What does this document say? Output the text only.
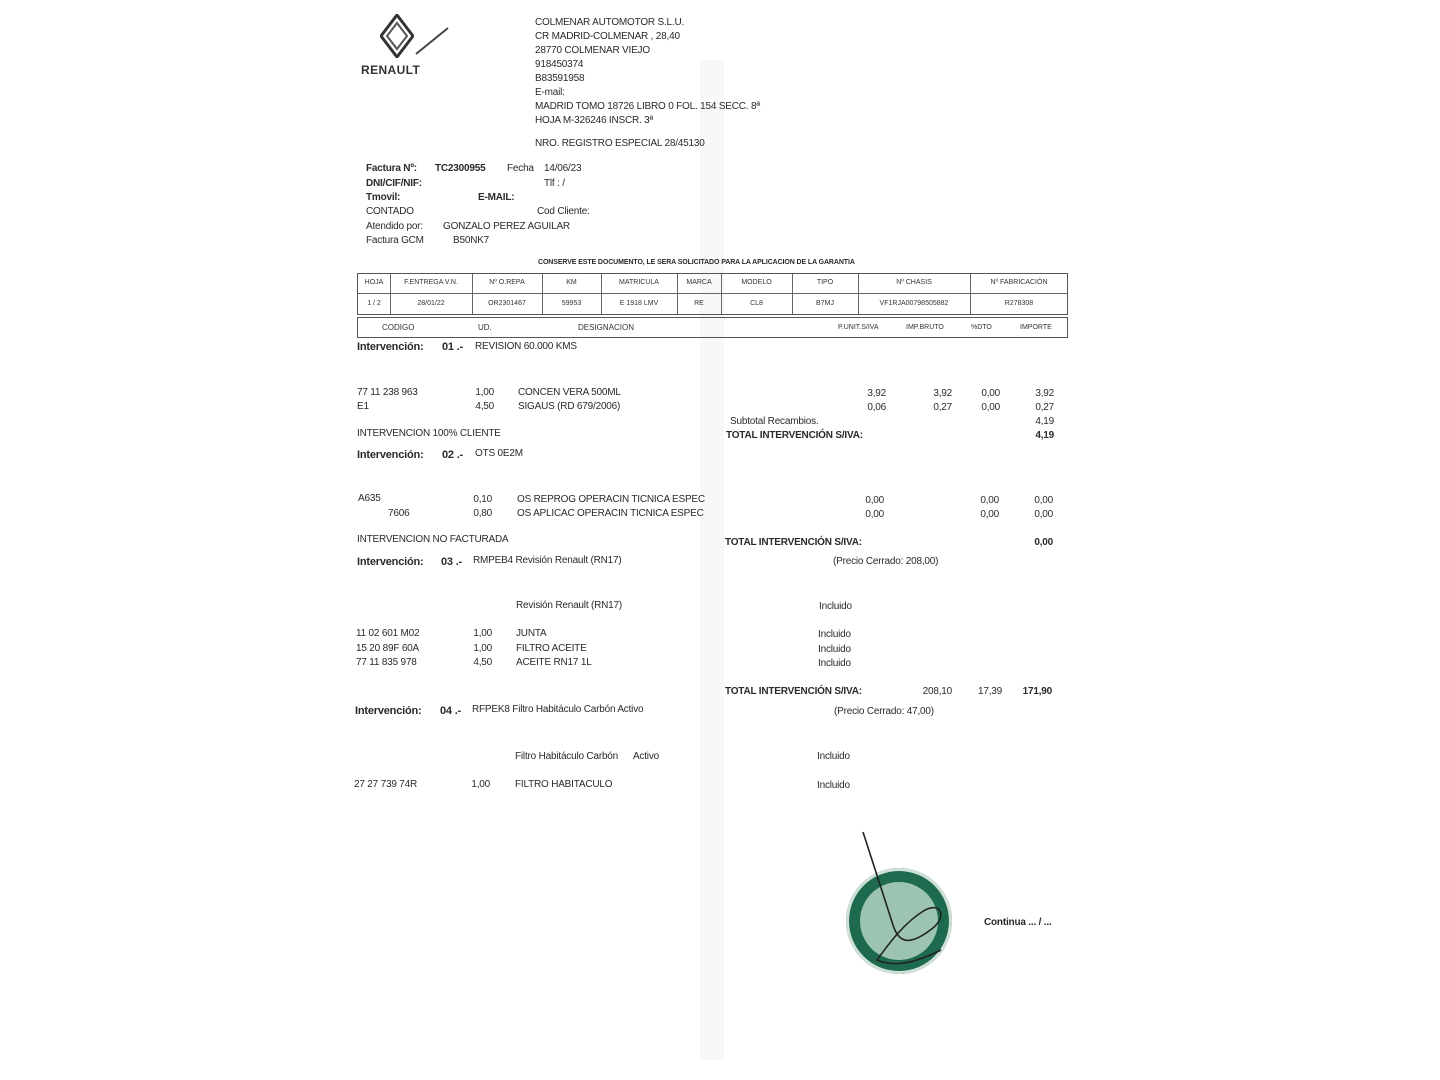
RENAULT
COLMENAR AUTOMOTOR S.L.U.
CR MADRID-COLMENAR , 28,40
28770 COLMENAR VIEJO
918450374
B83591958
E-mail:
MADRID TOMO 18726 LIBRO 0 FOL. 154 SECC. 8ª
HOJA M-326246 INSCR. 3ª
NRO. REGISTRO ESPECIAL 28/45130
Factura Nº: TC2300955 Fecha 14/06/23
DNI/CIF/NIF:	Tlf : /
Tmovil:	E-MAIL:
CONTADO	Cod Cliente:
Atendido por: GONZALO PEREZ AGUILAR
Factura GCM	B50NK7
CONSERVE ESTE DOCUMENTO, LE SERA SOLICITADO PARA LA APLICACION DE LA GARANTIA
HOJA	F.ENTREGA V.N.	Nº O.REPA	KM	MATRICULA	MARCA	MODELO	TIPO	Nº CHASIS	Nº FABRICACIÓN
1 / 2	28/01/22	OR2301467	59953	E 1918 LMV	RE	CL8	B7MJ	VF1RJA00798505882	R278308
CODIGO	UD.	DESIGNACION	P.UNIT.S/IVA	IMP.BRUTO	%DTO	IMPORTE
Intervención: 01 .- REVISION 60.000 KMS
77 11 238 963	1,00 CONCEN VERA 500ML	3,92	3,92	0,00	3,92
E1	4,50 SIGAUS (RD 679/2006)	0,06	0,27	0,00	0,27
Subtotal Recambios.	4,19
INTERVENCION 100% CLIENTE	TOTAL INTERVENCIÓN S/IVA:	4,19
Intervención: 02 .- OTS 0E2M
A635	0,10	OS REPROG OPERACIN TICNICA ESPEC	0,00	0,00	0,00
7606	0,80	OS APLICAC OPERACIN TICNICA ESPEC	0,00	0,00	0,00
INTERVENCION NO FACTURADA	TOTAL INTERVENCIÓN S/IVA:	0,00
Intervención: 03 .- RMPEB4 Revisión Renault (RN17)	(Precio Cerrado: 208,00)
Revisión Renault (RN17)	Incluido
11 02 601 M02	1,00 JUNTA	Incluido
15 20 89F 60A	1,00 FILTRO ACEITE	Incluido
77 11 835 978	4,50 ACEITE RN17 1L	Incluido
TOTAL INTERVENCIÓN S/IVA:	208,10	17,39	171,90
Intervención: 04 .- RFPEK8 Filtro Habitáculo Carbón Activo	(Precio Cerrado: 47,00)
Filtro Habitáculo Carbón      Activo	Incluido
27 27 739 74R	1,00	FILTRO HABITACULO	Incluido
Continua ... / ...
